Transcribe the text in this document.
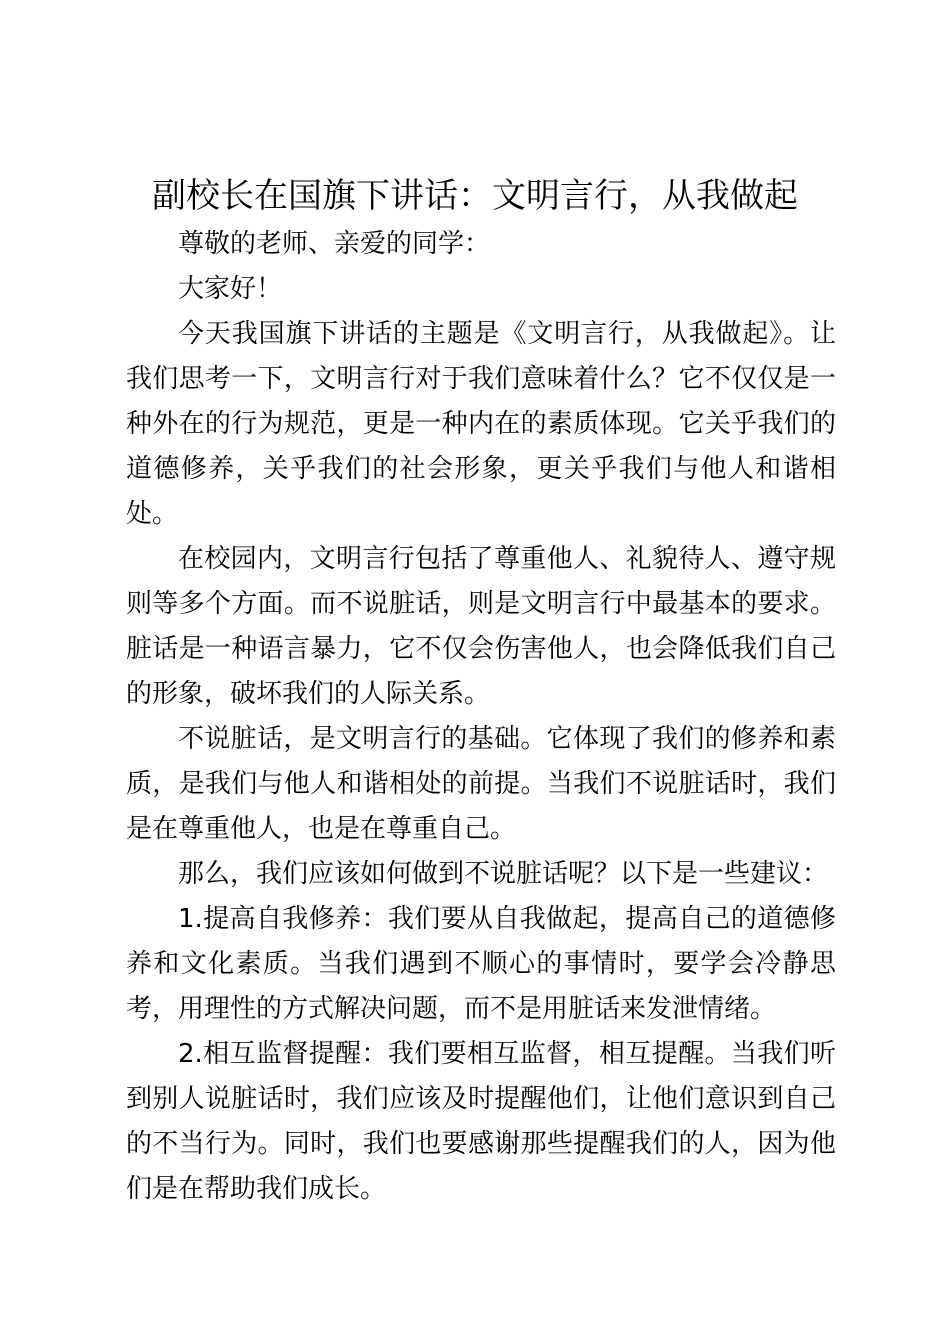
副校长在国旗下讲话：文明言行，从我做起

尊敬的老师、亲爱的同学：

大家好！

今天我国旗下讲话的主题是《文明言行，从我做起》。让我们思考一下，文明言行对于我们意味着什么？它不仅仅是一种外在的行为规范，更是一种内在的素质体现。它关乎我们的道德修养，关乎我们的社会形象，更关乎我们与他人和谐相处。

在校园内，文明言行包括了尊重他人、礼貌待人、遵守规则等多个方面。而不说脏话，则是文明言行中最基本的要求。脏话是一种语言暴力，它不仅会伤害他人，也会降低我们自己的形象，破坏我们的人际关系。

不说脏话，是文明言行的基础。它体现了我们的修养和素质，是我们与他人和谐相处的前提。当我们不说脏话时，我们是在尊重他人，也是在尊重自己。

那么，我们应该如何做到不说脏话呢？以下是一些建议：

1.提高自我修养：我们要从自我做起，提高自己的道德修养和文化素质。当我们遇到不顺心的事情时，要学会冷静思考，用理性的方式解决问题，而不是用脏话来发泄情绪。

2.相互监督提醒：我们要相互监督，相互提醒。当我们听到别人说脏话时，我们应该及时提醒他们，让他们意识到自己的不当行为。同时，我们也要感谢那些提醒我们的人，因为他们是在帮助我们成长。
